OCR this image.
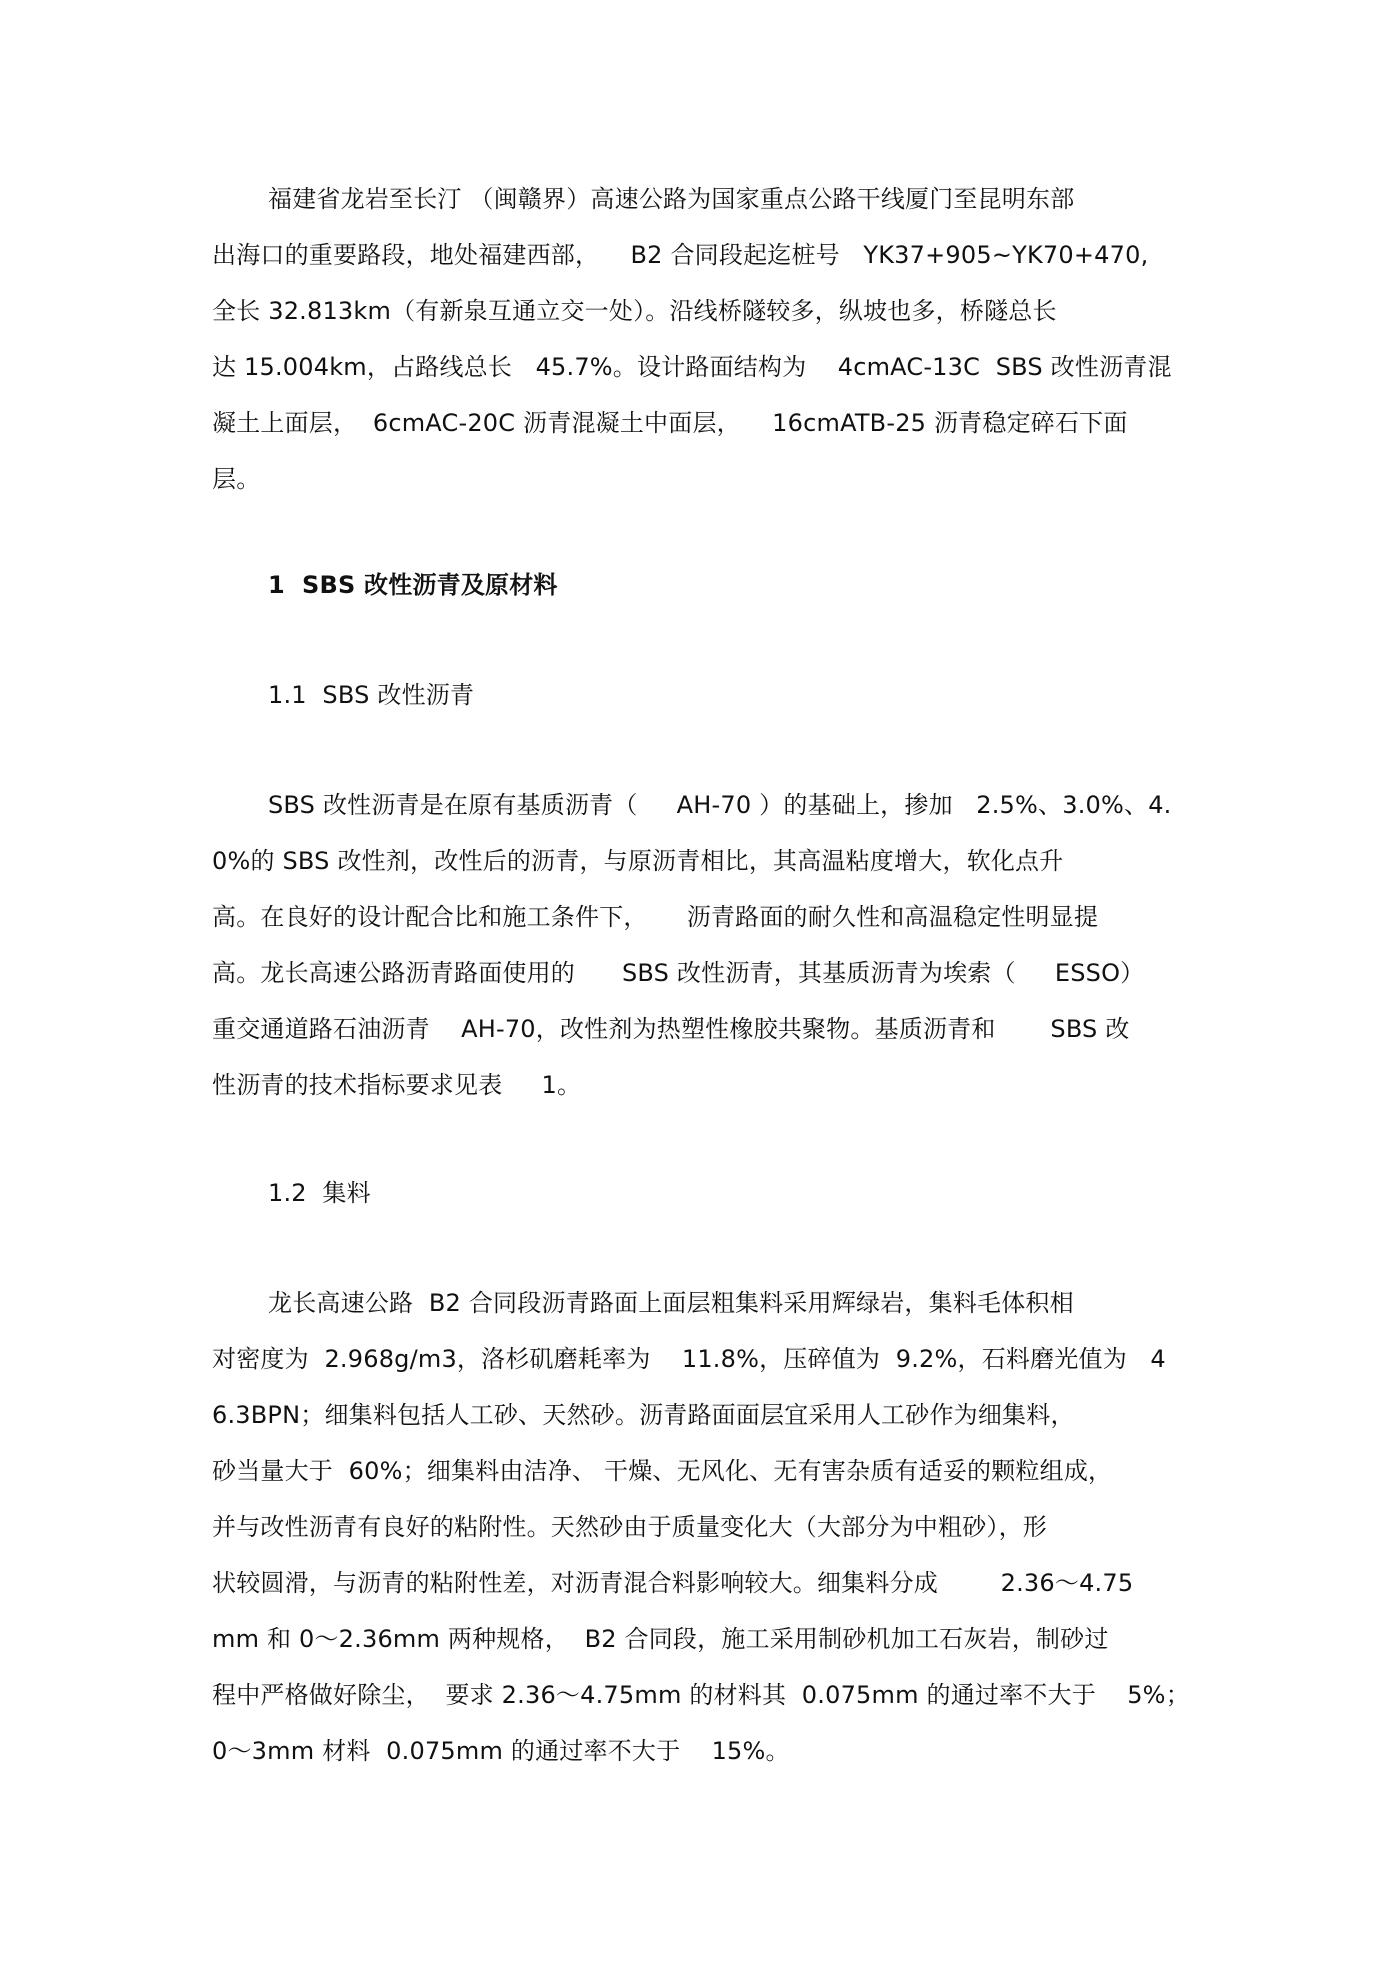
福建省龙岩至长汀 （闽赣界）高速公路为国家重点公路干线厦门至昆明东部
出海口的重要路段，地处福建西部，    B2 合同段起迄桩号   YK37+905~YK70+470,
全长 32.813km（有新泉互通立交一处）。沿线桥隧较多，纵坡也多，桥隧总长
达 15.004km，占路线总长   45.7%。设计路面结构为    4cmAC-13C  SBS 改性沥青混
凝土上面层，  6cmAC-20C 沥青混凝土中面层，    16cmATB-25 沥青稳定碎石下面
层。
1  SBS 改性沥青及原材料
1.1  SBS 改性沥青
SBS 改性沥青是在原有基质沥青（     AH-70 ）的基础上，掺加   2.5%、3.0%、4.
0%的 SBS 改性剂，改性后的沥青，与原沥青相比，其高温粘度增大，软化点升
高。在良好的设计配合比和施工条件下，     沥青路面的耐久性和高温稳定性明显提
高。龙长高速公路沥青路面使用的      SBS 改性沥青，其基质沥青为埃索（     ESSO）
重交通道路石油沥青    AH-70，改性剂为热塑性橡胶共聚物。基质沥青和       SBS 改
性沥青的技术指标要求见表     1。
1.2  集料
龙长高速公路  B2 合同段沥青路面上面层粗集料采用辉绿岩，集料毛体积相
对密度为  2.968g/m3，洛杉矶磨耗率为    11.8%，压碎值为  9.2%，石料磨光值为   4
6.3BPN；细集料包括人工砂、天然砂。沥青路面面层宜采用人工砂作为细集料，
砂当量大于  60%；细集料由洁净、 干燥、无风化、无有害杂质有适妥的颗粒组成，
并与改性沥青有良好的粘附性。天然砂由于质量变化大（大部分为中粗砂），形
状较圆滑，与沥青的粘附性差，对沥青混合料影响较大。细集料分成        2.36～4.75
mm 和 0～2.36mm 两种规格，  B2 合同段，施工采用制砂机加工石灰岩，制砂过
程中严格做好除尘，  要求 2.36～4.75mm 的材料其  0.075mm 的通过率不大于    5%；
0～3mm 材料  0.075mm 的通过率不大于    15%。
